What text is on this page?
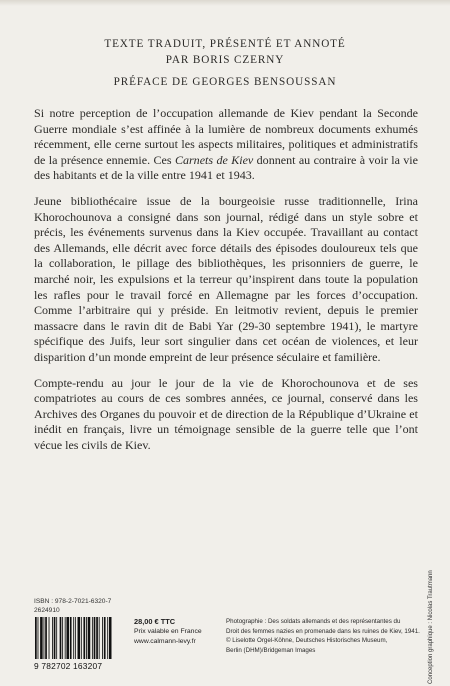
TEXTE TRADUIT, PRÉSENTÉ ET ANNOTÉ
PAR BORIS CZERNY
PRÉFACE DE GEORGES BENSOUSSAN

Si notre perception de l’occupation allemande de Kiev pendant la Seconde Guerre mondiale s’est affinée à la lumière de nombreux documents exhumés récemment, elle cerne surtout les aspects militaires, politiques et administratifs de la présence ennemie. Ces Carnets de Kiev donnent au contraire à voir la vie des habitants et de la ville entre 1941 et 1943.

Jeune bibliothécaire issue de la bourgeoisie russe traditionnelle, Irina Khorochounova a consigné dans son journal, rédigé dans un style sobre et précis, les événements survenus dans la Kiev occupée. Travaillant au contact des Allemands, elle décrit avec force détails des épisodes douloureux tels que la collaboration, le pillage des bibliothèques, les prisonniers de guerre, le marché noir, les expulsions et la terreur qu’inspirent dans toute la population les rafles pour le travail forcé en Allemagne par les forces d’occupation. Comme l’arbitraire qui y préside. En leitmotiv revient, depuis le premier massacre dans le ravin dit de Babi Yar (29-30 septembre 1941), le martyre spécifique des Juifs, leur sort singulier dans cet océan de violences, et leur disparition d’un monde empreint de leur présence séculaire et familière.

Compte-rendu au jour le jour de la vie de Khorochounova et de ses compatriotes au cours de ces sombres années, ce journal, conservé dans les Archives des Organes du pouvoir et de direction de la République d’Ukraine et inédit en français, livre un témoignage sensible de la guerre telle que l’ont vécue les civils de Kiev.

ISBN : 978-2-7021-6320-7
2624910
9 782702 163207
28,00 € TTC
Prix valable en France
www.calmann-levy.fr
Photographie : Des soldats allemands et des représentantes du
Droit des femmes nazies en promenade dans les ruines de Kiev, 1941.
© Liselotte Orgel-Köhne, Deutsches Historisches Museum,
Berlin (DHM)/Bridgeman Images	Conception graphique : Nicolas Trautmann
